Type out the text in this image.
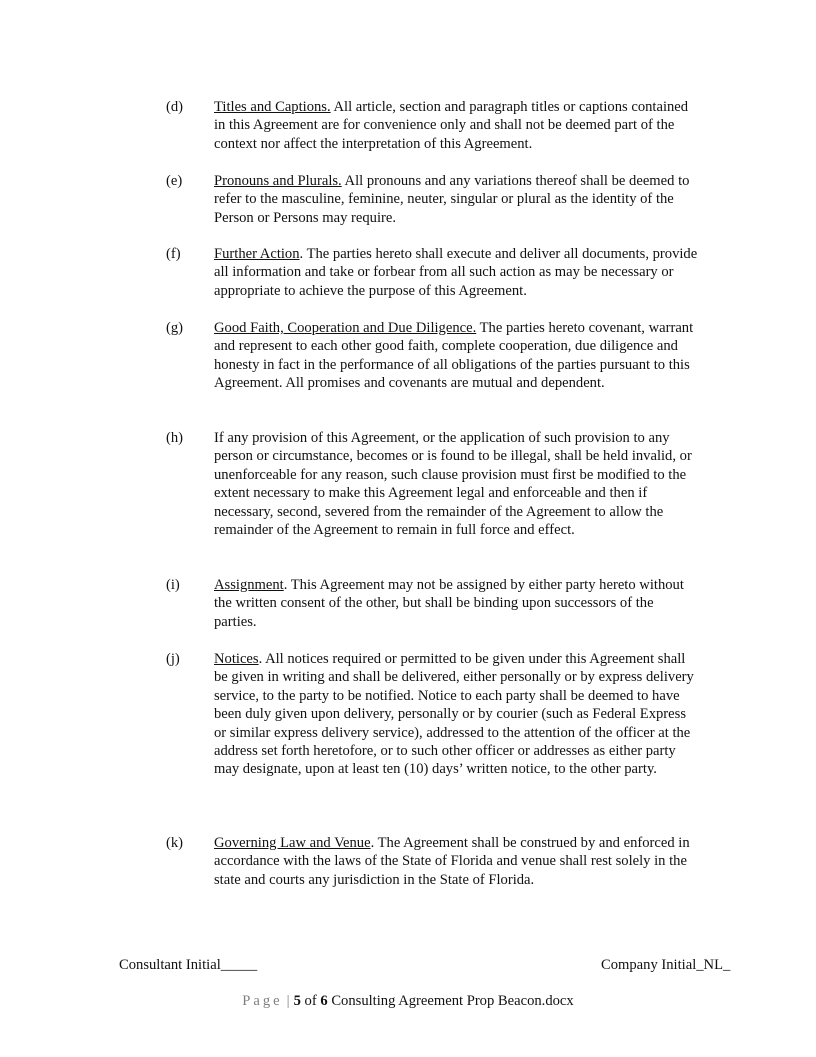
(d)	Titles and Captions. All article, section and paragraph titles or captions contained in this Agreement are for convenience only and shall not be deemed part of the context nor affect the interpretation of this Agreement.
(e)	Pronouns and Plurals. All pronouns and any variations thereof shall be deemed to refer to the masculine, feminine, neuter, singular or plural as the identity of the Person or Persons may require.
(f)	Further Action. The parties hereto shall execute and deliver all documents, provide all information and take or forbear from all such action as may be necessary or appropriate to achieve the purpose of this Agreement.
(g)	Good Faith, Cooperation and Due Diligence. The parties hereto covenant, warrant and represent to each other good faith, complete cooperation, due diligence and honesty in fact in the performance of all obligations of the parties pursuant to this Agreement. All promises and covenants are mutual and dependent.
(h)	If any provision of this Agreement, or the application of such provision to any person or circumstance, becomes or is found to be illegal, shall be held invalid, or unenforceable for any reason, such clause provision must first be modified to the extent necessary to make this Agreement legal and enforceable and then if necessary, second, severed from the remainder of the Agreement to allow the remainder of the Agreement to remain in full force and effect.
(i)	Assignment. This Agreement may not be assigned by either party hereto without the written consent of the other, but shall be binding upon successors of the parties.
(j)	Notices. All notices required or permitted to be given under this Agreement shall be given in writing and shall be delivered, either personally or by express delivery service, to the party to be notified. Notice to each party shall be deemed to have been duly given upon delivery, personally or by courier (such as Federal Express or similar express delivery service), addressed to the attention of the officer at the address set forth heretofore, or to such other officer or addresses as either party may designate, upon at least ten (10) days’ written notice, to the other party.
(k)	Governing Law and Venue. The Agreement shall be construed by and enforced in accordance with the laws of the State of Florida and venue shall rest solely in the state and courts any jurisdiction in the State of Florida.
Consultant Initial_____	Company Initial_NL_
Page | 5 of 6 Consulting Agreement Prop Beacon.docx
